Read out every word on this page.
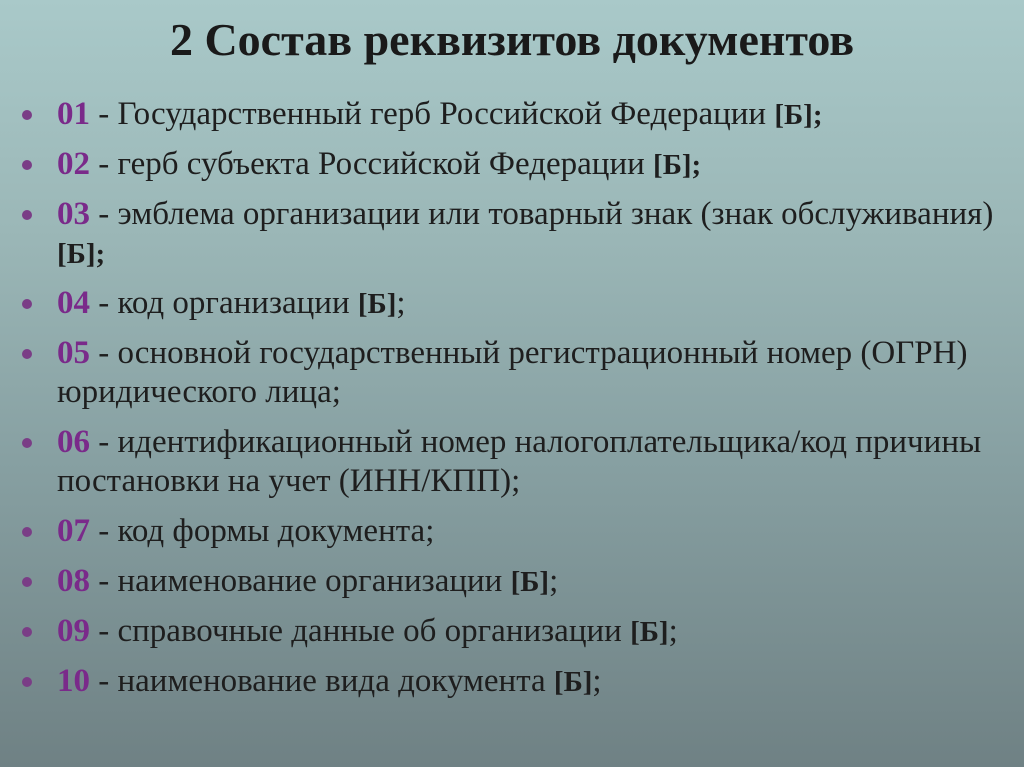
2 Состав реквизитов документов
01 - Государственный герб Российской Федерации [Б];
02 - герб субъекта Российской Федерации [Б];
03 - эмблема организации или товарный знак (знак обслуживания) [Б];
04 - код организации [Б];
05 - основной государственный регистрационный номер (ОГРН) юридического лица;
06 - идентификационный номер налогоплательщика/код причины постановки на учет (ИНН/КПП);
07 - код формы документа;
08 - наименование организации [Б];
09 - справочные данные об организации [Б];
10 - наименование вида документа [Б];
